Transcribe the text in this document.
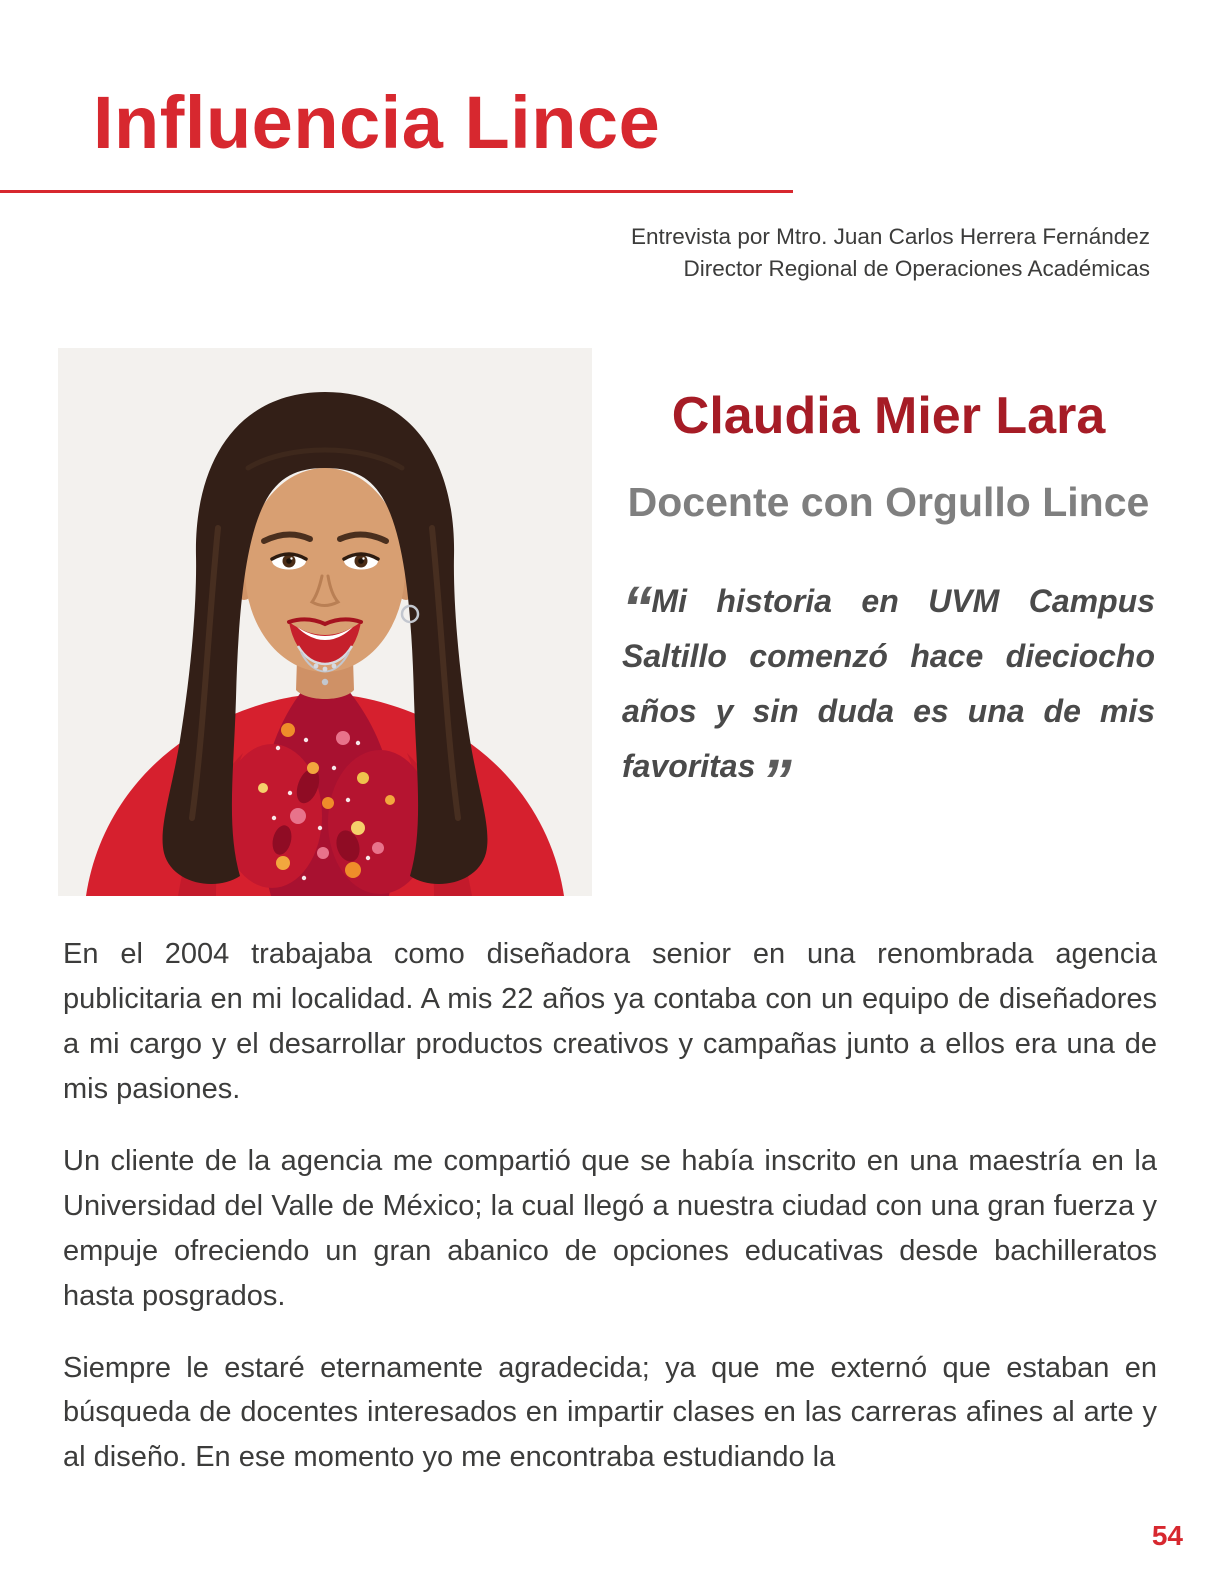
Influencia Lince
Entrevista por Mtro. Juan Carlos Herrera Fernández
Director Regional de Operaciones Académicas
Claudia Mier Lara
Docente con Orgullo Lince
“Mi historia en UVM Campus Saltillo comenzó hace dieciocho años y sin duda es una de mis favoritas”

En el 2004 trabajaba como diseñadora senior en una renombrada agencia publicitaria en mi localidad. A mis 22 años ya contaba con un equipo de diseñadores a mi cargo y el desarrollar productos creativos y campañas junto a ellos era una de mis pasiones.

Un cliente de la agencia me compartió que se había inscrito en una maestría en la Universidad del Valle de México; la cual llegó a nuestra ciudad con una gran fuerza y empuje ofreciendo un gran abanico de opciones educativas desde bachilleratos hasta posgrados.

Siempre le estaré eternamente agradecida; ya que me externó que estaban en búsqueda de docentes interesados en impartir clases en las carreras afines al arte y al diseño. En ese momento yo me encontraba estudiando la

54
